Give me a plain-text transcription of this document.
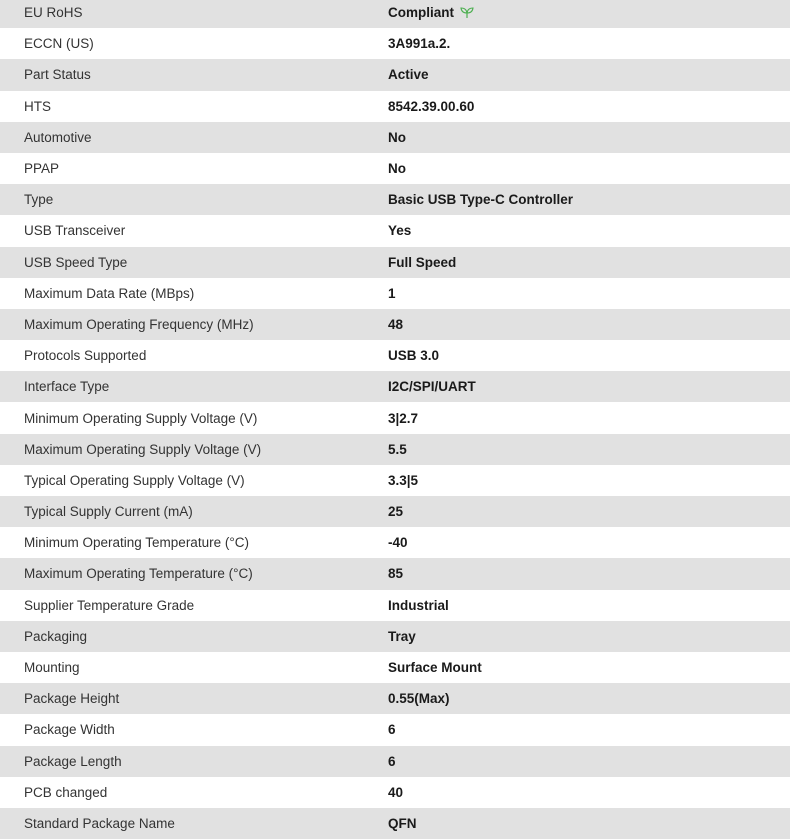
EU RoHS	Compliant
ECCN (US)	3A991a.2.
Part Status	Active
HTS	8542.39.00.60
Automotive	No
PPAP	No
Type	Basic USB Type-C Controller
USB Transceiver	Yes
USB Speed Type	Full Speed
Maximum Data Rate (MBps)	1
Maximum Operating Frequency (MHz)	48
Protocols Supported	USB 3.0
Interface Type	I2C/SPI/UART
Minimum Operating Supply Voltage (V)	3|2.7
Maximum Operating Supply Voltage (V)	5.5
Typical Operating Supply Voltage (V)	3.3|5
Typical Supply Current (mA)	25
Minimum Operating Temperature (°C)	-40
Maximum Operating Temperature (°C)	85
Supplier Temperature Grade	Industrial
Packaging	Tray
Mounting	Surface Mount
Package Height	0.55(Max)
Package Width	6
Package Length	6
PCB changed	40
Standard Package Name	QFN
